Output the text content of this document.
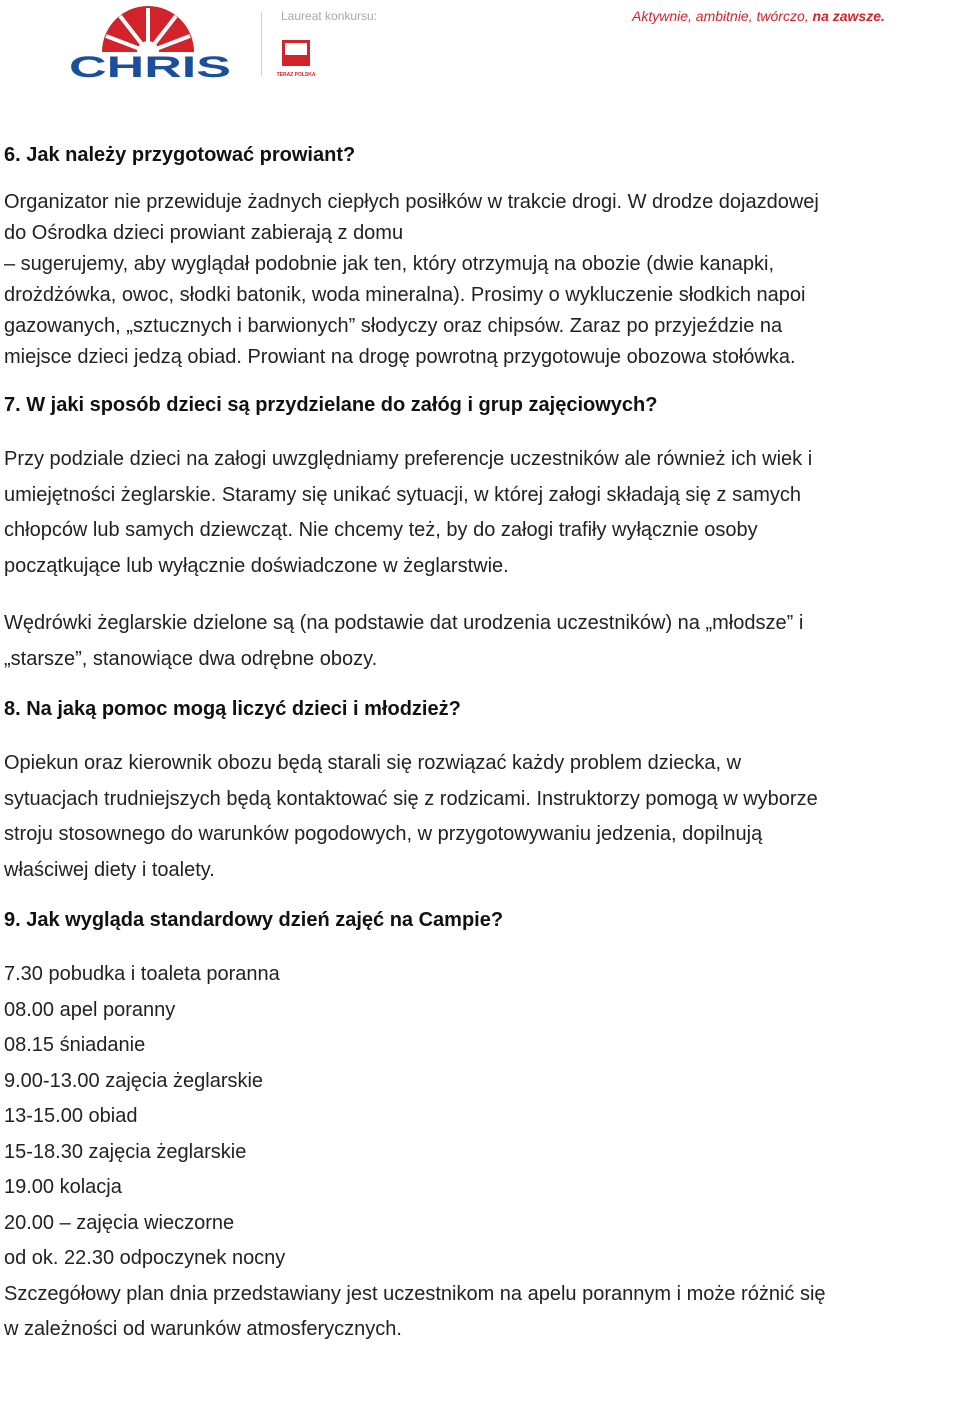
CHRIS
Laureat konkursu:
TERAZ POLSKA
Aktywnie, ambitnie, twórczo, na zawsze.
6. Jak należy przygotować prowiant?

Organizator nie przewiduje żadnych ciepłych posiłków w trakcie drogi. W drodze dojazdowej

do Ośrodka dzieci prowiant zabierają z domu

– sugerujemy, aby wyglądał podobnie jak ten, który otrzymują na obozie (dwie kanapki,

drożdżówka, owoc, słodki batonik, woda mineralna). Prosimy o wykluczenie słodkich napoi

gazowanych, „sztucznych i barwionych” słodyczy oraz chipsów. Zaraz po przyjeździe na

miejsce dzieci jedzą obiad. Prowiant na drogę powrotną przygotowuje obozowa stołówka.

7. W jaki sposób dzieci są przydzielane do załóg i grup zajęciowych?

Przy podziale dzieci na załogi uwzględniamy preferencje uczestników ale również ich wiek i

umiejętności żeglarskie. Staramy się unikać sytuacji, w której załogi składają się z samych

chłopców lub samych dziewcząt. Nie chcemy też, by do załogi trafiły wyłącznie osoby

początkujące lub wyłącznie doświadczone w żeglarstwie.

Wędrówki żeglarskie dzielone są (na podstawie dat urodzenia uczestników) na „młodsze” i

„starsze”, stanowiące dwa odrębne obozy.

8. Na jaką pomoc mogą liczyć dzieci i młodzież?

Opiekun oraz kierownik obozu będą starali się rozwiązać każdy problem dziecka, w

sytuacjach trudniejszych będą kontaktować się z rodzicami. Instruktorzy pomogą w wyborze

stroju stosownego do warunków pogodowych, w przygotowywaniu jedzenia, dopilnują

właściwej diety i toalety.

9. Jak wygląda standardowy dzień zajęć na Campie?
7.30 pobudka i toaleta poranna
08.00 apel poranny
08.15 śniadanie
9.00-13.00 zajęcia żeglarskie
13-15.00 obiad
15-18.30 zajęcia żeglarskie
19.00 kolacja
20.00 – zajęcia wieczorne
od ok. 22.30 odpoczynek nocny

Szczegółowy plan dnia przedstawiany jest uczestnikom na apelu porannym i może różnić się

w zależności od warunków atmosferycznych.
